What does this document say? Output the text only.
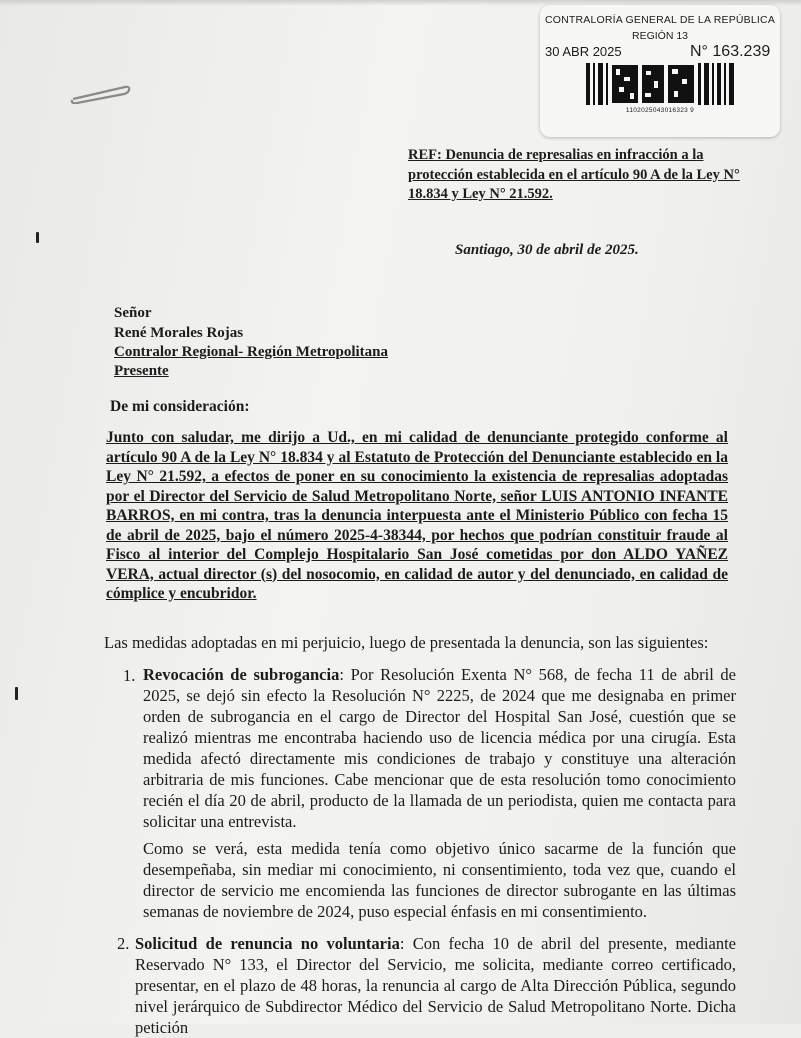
CONTRALORÍA GENERAL DE LA REPÚBLICA
REGIÓN 13
30 ABR 2025	N° 163.239
1102025043016323 9
REF: Denuncia de represalias en infracción a la protección establecida en el artículo 90 A de la Ley N° 18.834 y Ley N° 21.592.
Santiago, 30 de abril de 2025.
Señor
René Morales Rojas
Contralor Regional- Región Metropolitana
Presente
De mi consideración:
Junto con saludar, me dirijo a Ud., en mi calidad de denunciante protegido conforme al artículo 90 A de la Ley N° 18.834 y al Estatuto de Protección del Denunciante establecido en la Ley N° 21.592, a efectos de poner en su conocimiento la existencia de represalias adoptadas por el Director del Servicio de Salud Metropolitano Norte, señor LUIS ANTONIO INFANTE BARROS, en mi contra, tras la denuncia interpuesta ante el Ministerio Público con fecha 15 de abril de 2025, bajo el número 2025-4-38344, por hechos que podrían constituir fraude al Fisco al interior del Complejo Hospitalario San José cometidas por don ALDO YAÑEZ VERA, actual director (s) del nosocomio, en calidad de autor y del denunciado, en calidad de cómplice y encubridor.
Las medidas adoptadas en mi perjuicio, luego de presentada la denuncia, son las siguientes:
1. Revocación de subrogancia: Por Resolución Exenta N° 568, de fecha 11 de abril de 2025, se dejó sin efecto la Resolución N° 2225, de 2024 que me designaba en primer orden de subrogancia en el cargo de Director del Hospital San José, cuestión que se realizó mientras me encontraba haciendo uso de licencia médica por una cirugía. Esta medida afectó directamente mis condiciones de trabajo y constituye una alteración arbitraria de mis funciones. Cabe mencionar que de esta resolución tomo conocimiento recién el día 20 de abril, producto de la llamada de un periodista, quien me contacta para solicitar una entrevista.
Como se verá, esta medida tenía como objetivo único sacarme de la función que desempeñaba, sin mediar mi conocimiento, ni consentimiento, toda vez que, cuando el director de servicio me encomienda las funciones de director subrogante en las últimas semanas de noviembre de 2024, puso especial énfasis en mi consentimiento.
2. Solicitud de renuncia no voluntaria: Con fecha 10 de abril del presente, mediante Reservado N° 133, el Director del Servicio, me solicita, mediante correo certificado, presentar, en el plazo de 48 horas, la renuncia al cargo de Alta Dirección Pública, segundo nivel jerárquico de Subdirector Médico del Servicio de Salud Metropolitano Norte. Dicha petición
